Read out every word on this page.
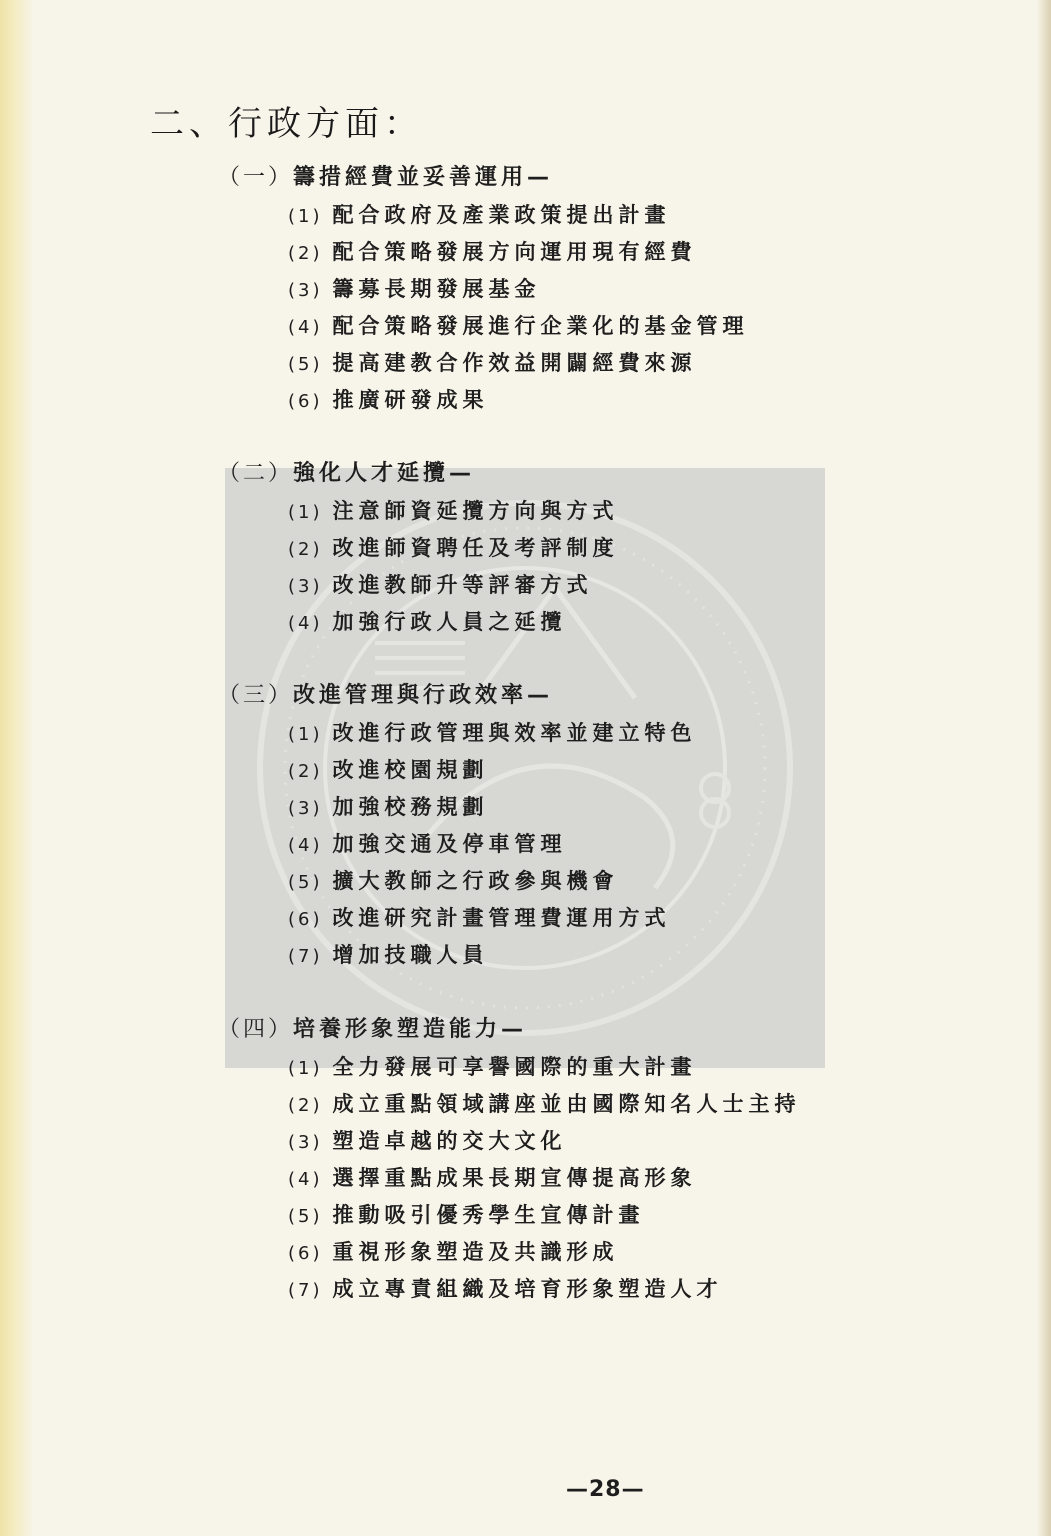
二、行政方面：
（一）籌措經費並妥善運用—
(1) 配合政府及產業政策提出計畫
(2) 配合策略發展方向運用現有經費
(3) 籌募長期發展基金
(4) 配合策略發展進行企業化的基金管理
(5) 提高建教合作效益開闢經費來源
(6) 推廣研發成果
（二）強化人才延攬—
(1) 注意師資延攬方向與方式
(2) 改進師資聘任及考評制度
(3) 改進教師升等評審方式
(4) 加強行政人員之延攬
（三）改進管理與行政效率—
(1) 改進行政管理與效率並建立特色
(2) 改進校園規劃
(3) 加強校務規劃
(4) 加強交通及停車管理
(5) 擴大教師之行政參與機會
(6) 改進研究計畫管理費運用方式
(7) 增加技職人員
（四）培養形象塑造能力—
(1) 全力發展可享譽國際的重大計畫
(2) 成立重點領域講座並由國際知名人士主持
(3) 塑造卓越的交大文化
(4) 選擇重點成果長期宣傳提高形象
(5) 推動吸引優秀學生宣傳計畫
(6) 重視形象塑造及共識形成
(7) 成立專責組織及培育形象塑造人才
—28—
